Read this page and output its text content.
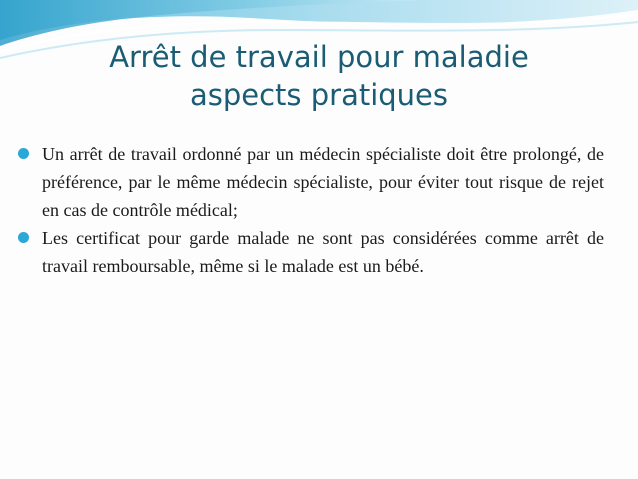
Arrêt de travail pour maladie
aspects pratiques
Un arrêt de travail ordonné par un médecin spécialiste doit être prolongé, de préférence, par le même médecin spécialiste, pour éviter tout risque de rejet en cas de contrôle médical;
Les certificat pour garde malade ne sont pas considérées comme arrêt de travail remboursable, même si le malade est un bébé.
